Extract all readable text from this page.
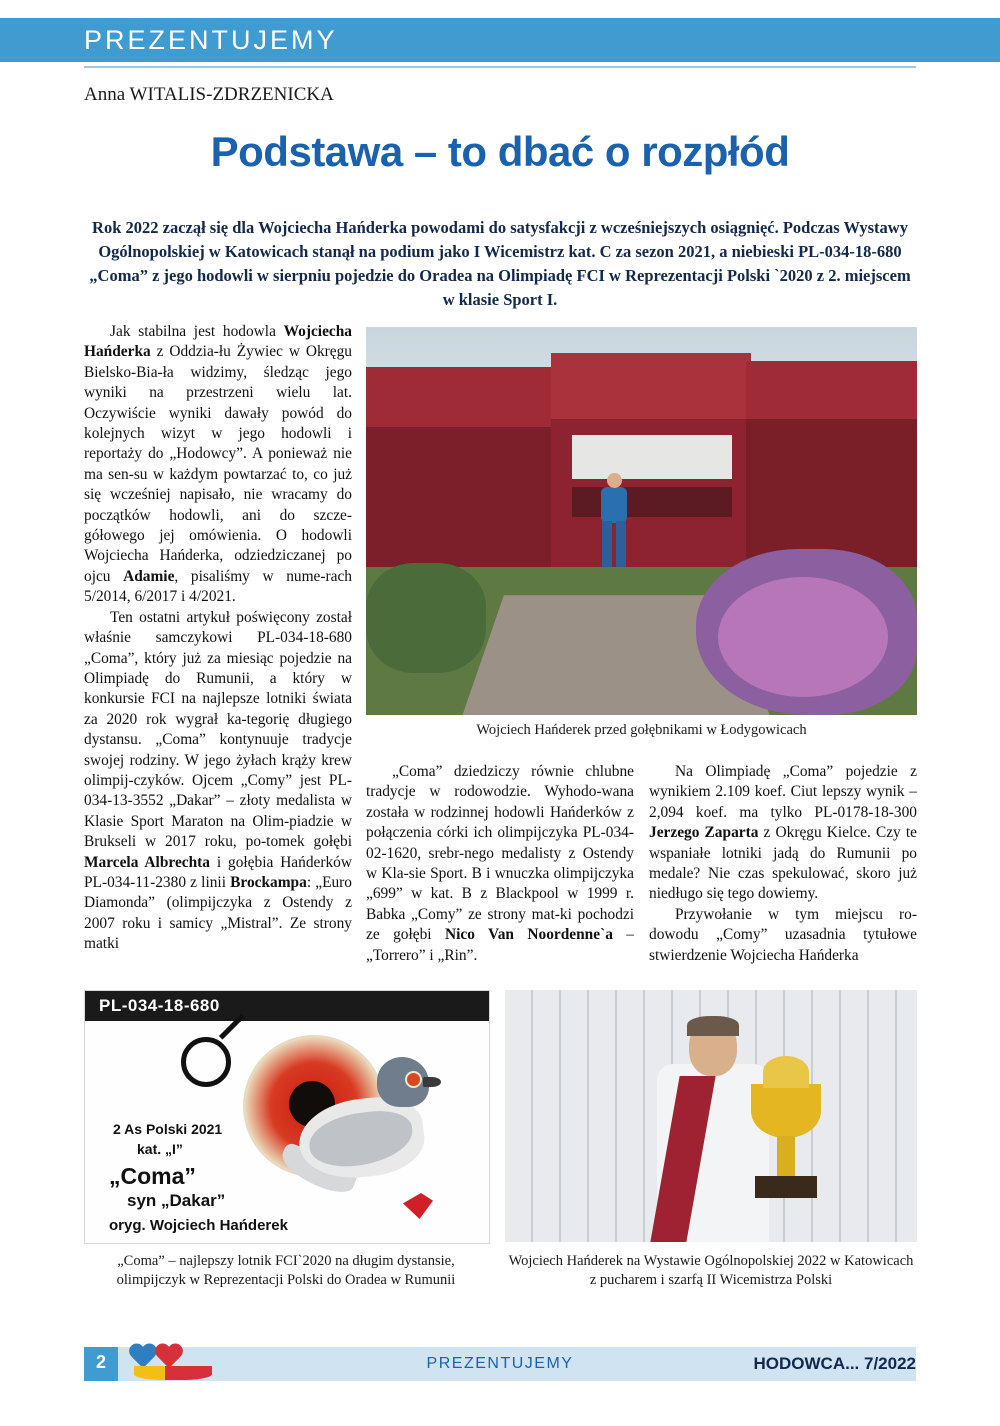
PREZENTUJEMY
Anna WITALIS-ZDRZENICKA
Podstawa – to dbać o rozpłód
Rok 2022 zaczął się dla Wojciecha Hańderka powodami do satysfakcji z wcześniejszych osiągnięć. Podczas Wystawy Ogólnopolskiej w Katowicach stanął na podium jako I Wicemistrz kat. C za sezon 2021, a niebieski PL-034-18-680 „Coma” z jego hodowli w sierpniu pojedzie do Oradea na Olimpiadę FCI w Reprezentacji Polski `2020 z 2. miejscem w klasie Sport I.

Jak stabilna jest hodowla Wojciecha Hańderka z Oddzia-łu Żywiec w Okręgu Bielsko-Bia-ła widzimy, śledząc jego wyniki na przestrzeni wielu lat. Oczywiście wyniki dawały powód do kolejnych wizyt w jego hodowli i reportaży do „Hodowcy”. A ponieważ nie ma sen-su w każdym powtarzać to, co już się wcześniej napisało, nie wracamy do początków hodowli, ani do szcze-gółowego jej omówienia. O hodowli Wojciecha Hańderka, odziedziczanej po ojcu Adamie, pisaliśmy w nume-rach 5/2014, 6/2017 i 4/2021.

Ten ostatni artykuł poświęcony został właśnie samczykowi PL-034-18-680 „Coma”, który już za miesiąc pojedzie na Olimpiadę do Rumunii, a który w konkursie FCI na najlepsze lotniki świata za 2020 rok wygrał ka-tegorię długiego dystansu. „Coma” kontynuuje tradycje swojej rodziny. W jego żyłach krąży krew olimpij-czyków. Ojcem „Comy” jest PL-034-13-3552 „Dakar” – złoty medalista w Klasie Sport Maraton na Olim-piadzie w Brukseli w 2017 roku, po-tomek gołębi Marcela Albrechta i gołębia Hańderków PL-034-11-2380 z linii Brockampa: „Euro Diamonda” (olimpijczyka z Ostendy z 2007 roku i samicy „Mistral”. Ze strony matki

Wojciech Hańderek przed gołębnikami w Łodygowicach

„Coma” dziedziczy równie chlubne tradycje w rodowodzie. Wyhodo-wana została w rodzinnej hodowli Hańderków z połączenia córki ich olimpijczyka PL-034-02-1620, srebr-nego medalisty z Ostendy w Kla-sie Sport. B i wnuczka olimpijczyka „699” w kat. B z Blackpool w 1999 r. Babka „Comy” ze strony mat-ki pochodzi ze gołębi Nico Van Noordenne`a – „Torrero” i „Rin”.

Na Olimpiadę „Coma” pojedzie z wynikiem 2.109 koef. Ciut lepszy wynik – 2,094 koef. ma tylko PL-0178-18-300 Jerzego Zaparta z Okręgu Kielce. Czy te wspaniałe lotniki jadą do Rumunii po medale? Nie czas spekulować, skoro już niedługo się tego dowiemy.

Przywołanie w tym miejscu ro-dowodu „Comy” uzasadnia tytułowe stwierdzenie Wojciecha Hańderka

PL-034-18-680
2 As Polski 2021
kat. „I”
„Coma”
syn „Dakar”
oryg. Wojciech Hańderek
„Coma” – najlepszy lotnik FCI`2020 na długim dystansie, olimpijczyk w Reprezentacji Polski do Oradea w Rumunii
Wojciech Hańderek na Wystawie Ogólnopolskiej 2022 w Katowicach z pucharem i szarfą II Wicemistrza Polski
2	PREZENTUJEMY	HODOWCA... 7/2022
